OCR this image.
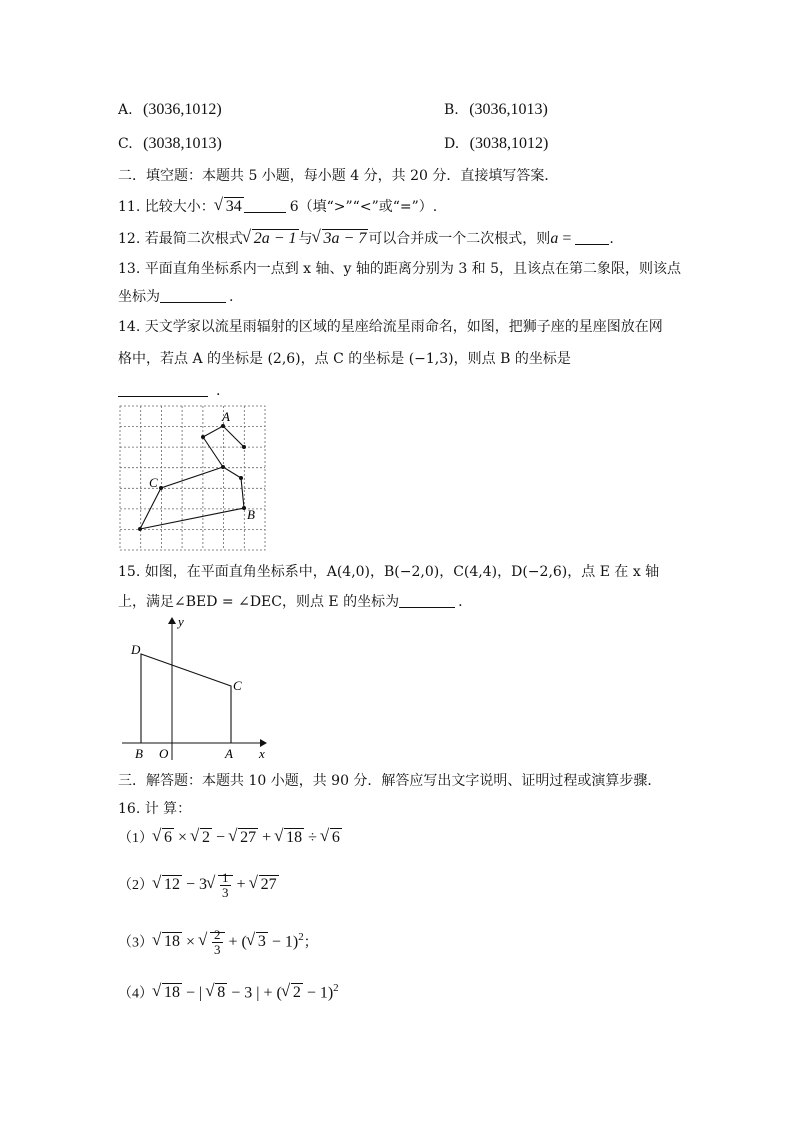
A. (3036,1012)	B. (3036,1013)
C. (3038,1013)	D. (3038,1012)
二．填空题：本题共 5 小题，每小题 4 分，共 20 分．直接填写答案．
11. 比较大小： √ 34	6（填“>”“<”或“=”）.
12. 若最简二次根式 √ 2a − 1 与 √ 3a − 7 可以合并成一个二次根式，则a = .
13. 平面直角坐标系内一点到 x 轴、y 轴的距离分别为 3 和 5，且该点在第二象限，则该点
坐标为	.
14. 天文学家以流星雨辐射的区域的星座给流星雨命名，如图，把狮子座的星座图放在网
格中，若点 A 的坐标是 (2,6)，点 C 的坐标是 (−1,3)，则点 B 的坐标是
.
A
B
C
15. 如图，在平面直角坐标系中，A(4,0)，B(−2,0)，C(4,4)，D(−2,6)，点 E 在 x 轴
上，满足∠BED = ∠DEC，则点 E 的坐标为	.
y
x
D
C
B O	A
三．解答题：本题共 10 小题，共 90 分．解答应写出文字说明、证明过程或演算步骤．
16. 计 算：
（1） √ 6 × √ 2 − √ 27 + √ 18 ÷ √ 6
（2） √ 12 − 3 √ $\frac{1}{3}$ + √ 27
（3） √ 18 × √ $\frac{2}{3}$ + ( √ 3 − 1)$^2$；
（4） √ 18 − | √ 8 − 3 | + ( √ 2 − 1)$^2$
